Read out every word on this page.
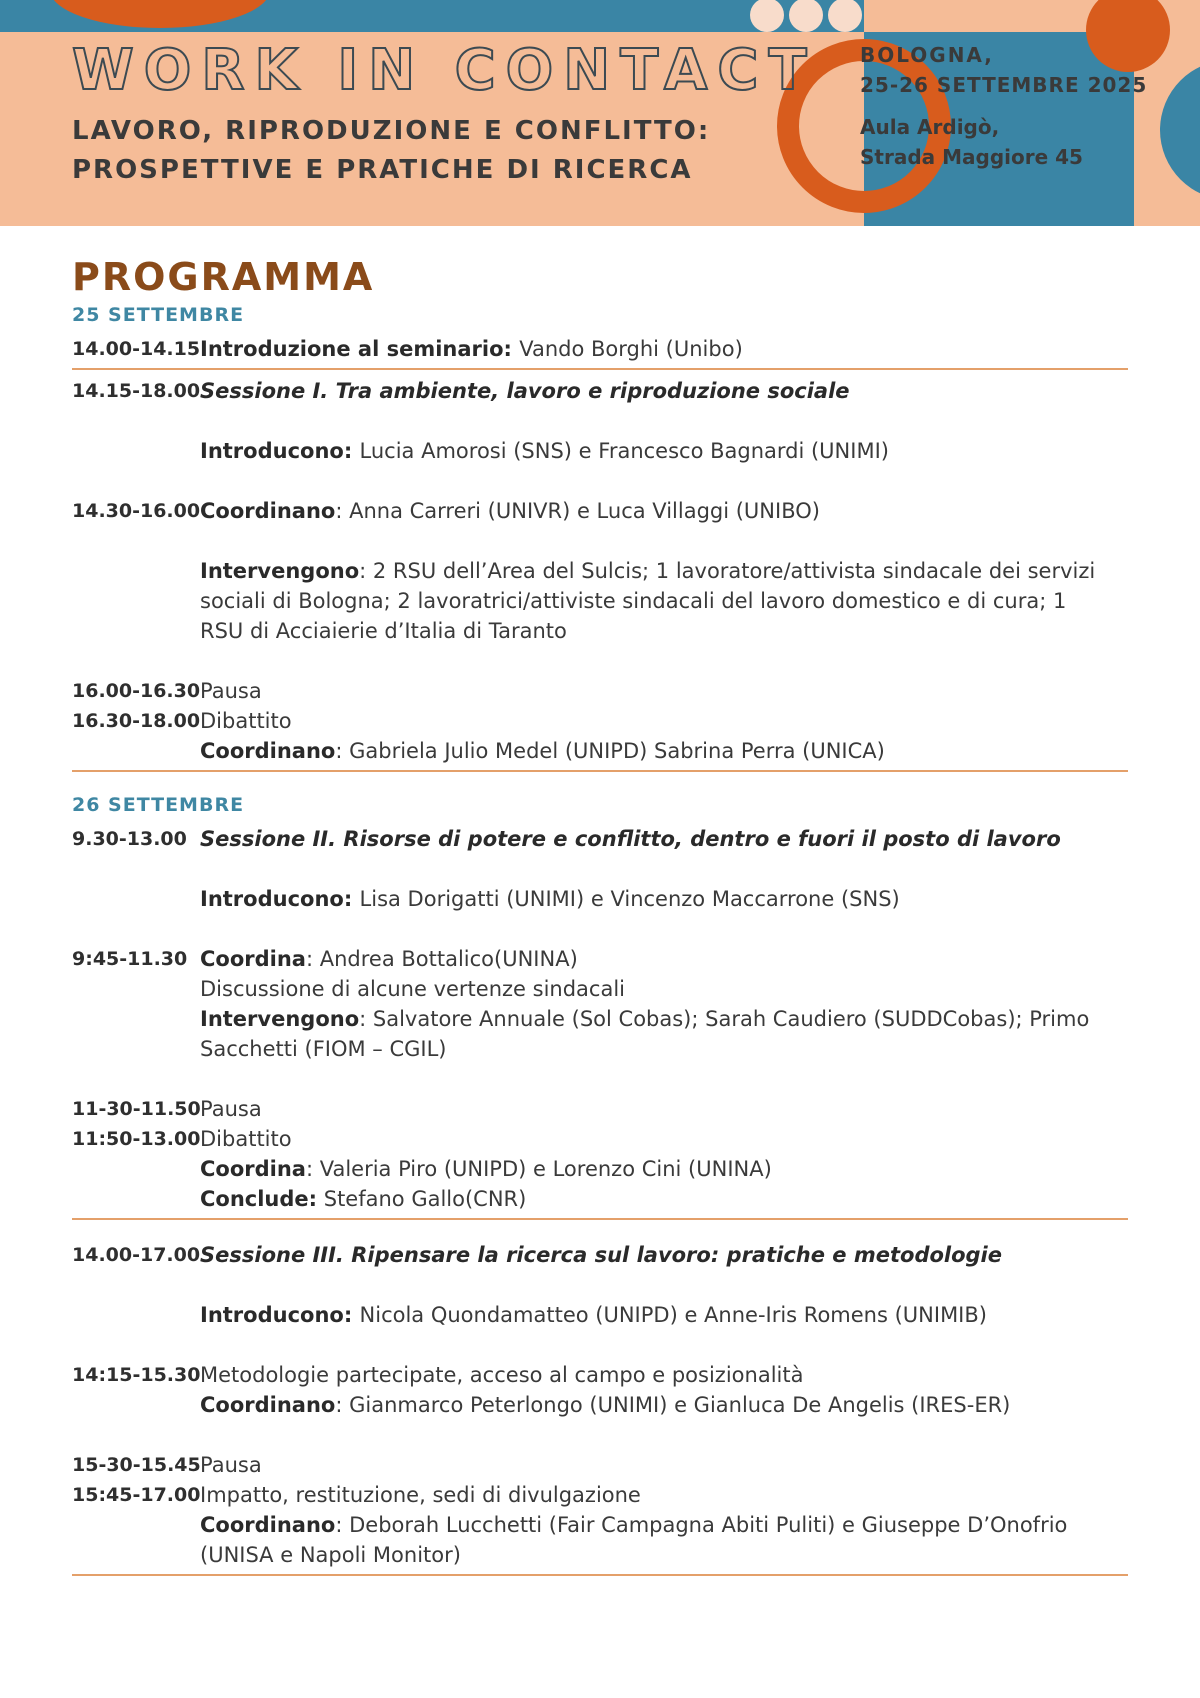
WORK IN CONTACT
LAVORO, RIPRODUZIONE E CONFLITTO:
PROSPETTIVE E PRATICHE DI RICERCA
BOLOGNA,
25-26 SETTEMBRE 2025
Aula Ardigò,
Strada Maggiore 45
PROGRAMMA
25 SETTEMBRE
14.00-14.15 Introduzione al seminario: Vando Borghi (Unibo)
14.15-18.00 Sessione I. Tra ambiente, lavoro e riproduzione sociale
Introducono: Lucia Amorosi (SNS) e Francesco Bagnardi (UNIMI)
14.30-16.00 Coordinano: Anna Carreri (UNIVR) e Luca Villaggi (UNIBO)
Intervengono: 2 RSU dell’Area del Sulcis; 1 lavoratore/attivista sindacale dei servizi
sociali di Bologna; 2 lavoratrici/attiviste sindacali del lavoro domestico e di cura; 1
RSU di Acciaierie d’Italia di Taranto
16.00-16.30 Pausa
16.30-18.00 Dibattito
Coordinano: Gabriela Julio Medel (UNIPD) Sabrina Perra (UNICA)
26 SETTEMBRE
9.30-13.00 Sessione II. Risorse di potere e conflitto, dentro e fuori il posto di lavoro
Introducono: Lisa Dorigatti (UNIMI) e Vincenzo Maccarrone (SNS)
9:45-11.30 Coordina: Andrea Bottalico(UNINA)
Discussione di alcune vertenze sindacali
Intervengono: Salvatore Annuale (Sol Cobas); Sarah Caudiero (SUDDCobas); Primo
Sacchetti (FIOM – CGIL)
11-30-11.50 Pausa
11:50-13.00 Dibattito
Coordina: Valeria Piro (UNIPD) e Lorenzo Cini (UNINA)
Conclude: Stefano Gallo(CNR)
14.00-17.00 Sessione III. Ripensare la ricerca sul lavoro: pratiche e metodologie
Introducono: Nicola Quondamatteo (UNIPD) e Anne-Iris Romens (UNIMIB)
14:15-15.30 Metodologie partecipate, acceso al campo e posizionalità
Coordinano: Gianmarco Peterlongo (UNIMI) e Gianluca De Angelis (IRES-ER)
15-30-15.45 Pausa
15:45-17.00 Impatto, restituzione, sedi di divulgazione
Coordinano: Deborah Lucchetti (Fair Campagna Abiti Puliti) e Giuseppe D’Onofrio
(UNISA e Napoli Monitor)
